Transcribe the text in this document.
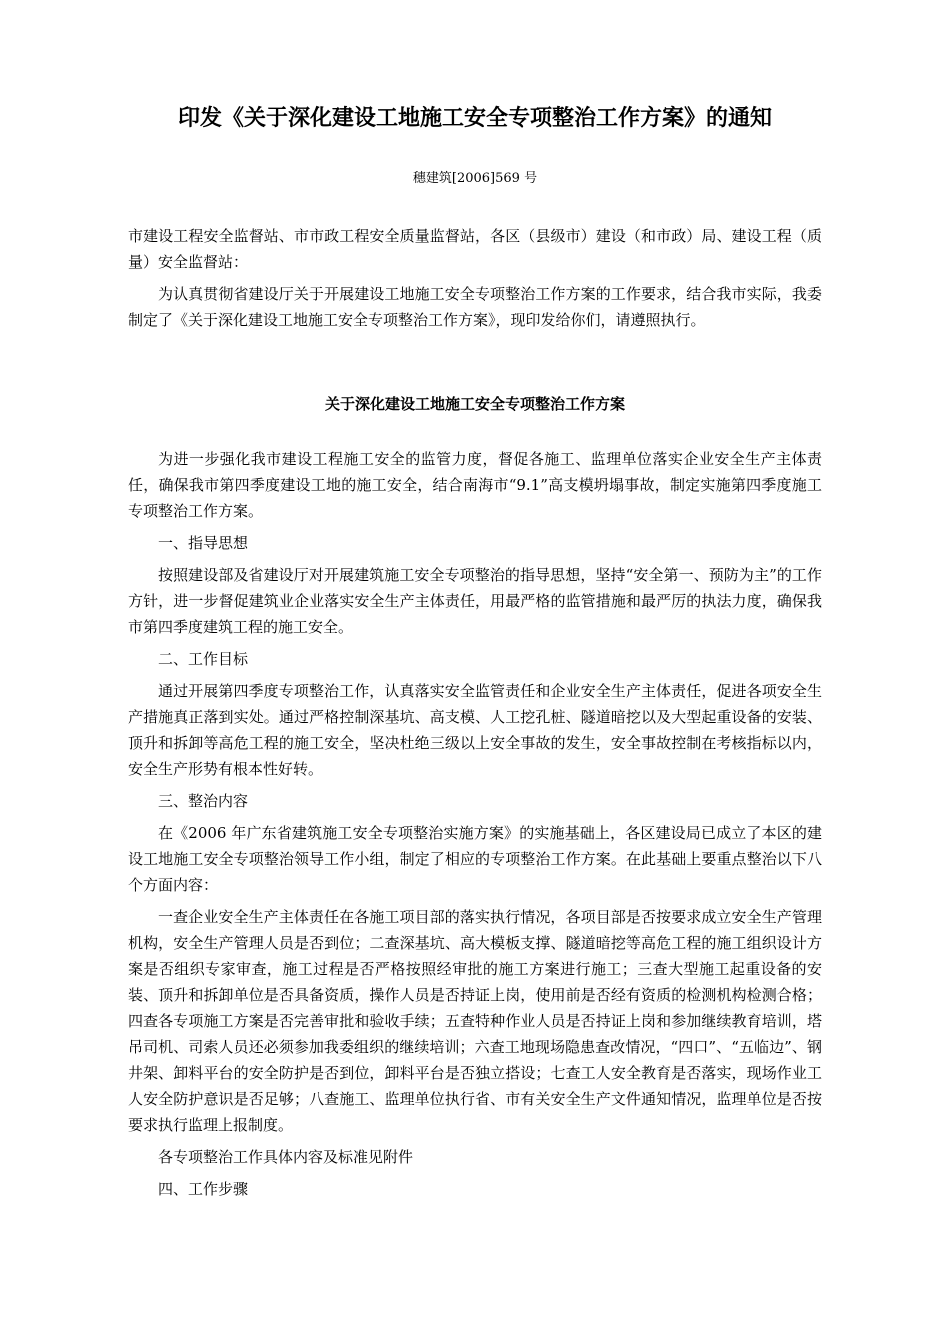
印发《关于深化建设工地施工安全专项整治工作方案》的通知
穗建筑[2006]569 号
市建设工程安全监督站、市市政工程安全质量监督站，各区（县级市）建设（和市政）局、建设工程（质量）安全监督站：
为认真贯彻省建设厅关于开展建设工地施工安全专项整治工作方案的工作要求，结合我市实际，我委制定了《关于深化建设工地施工安全专项整治工作方案》，现印发给你们，请遵照执行。
关于深化建设工地施工安全专项整治工作方案

为进一步强化我市建设工程施工安全的监管力度，督促各施工、监理单位落实企业安全生产主体责任，确保我市第四季度建设工地的施工安全，结合南海市“9.1”高支模坍塌事故，制定实施第四季度施工专项整治工作方案。

一、指导思想

按照建设部及省建设厅对开展建筑施工安全专项整治的指导思想，坚持“安全第一、预防为主”的工作方针，进一步督促建筑业企业落实安全生产主体责任，用最严格的监管措施和最严厉的执法力度，确保我市第四季度建筑工程的施工安全。

二、工作目标

通过开展第四季度专项整治工作，认真落实安全监管责任和企业安全生产主体责任，促进各项安全生产措施真正落到实处。通过严格控制深基坑、高支模、人工挖孔桩、隧道暗挖以及大型起重设备的安装、顶升和拆卸等高危工程的施工安全，坚决杜绝三级以上安全事故的发生，安全事故控制在考核指标以内，安全生产形势有根本性好转。

三、整治内容

在《2006 年广东省建筑施工安全专项整治实施方案》的实施基础上，各区建设局已成立了本区的建设工地施工安全专项整治领导工作小组，制定了相应的专项整治工作方案。在此基础上要重点整治以下八个方面内容：

一查企业安全生产主体责任在各施工项目部的落实执行情况，各项目部是否按要求成立安全生产管理机构，安全生产管理人员是否到位；二查深基坑、高大模板支撑、隧道暗挖等高危工程的施工组织设计方案是否组织专家审查，施工过程是否严格按照经审批的施工方案进行施工；三查大型施工起重设备的安装、顶升和拆卸单位是否具备资质，操作人员是否持证上岗，使用前是否经有资质的检测机构检测合格；四查各专项施工方案是否完善审批和验收手续；五查特种作业人员是否持证上岗和参加继续教育培训，塔吊司机、司索人员还必须参加我委组织的继续培训；六查工地现场隐患查改情况，“四口”、“五临边”、钢井架、卸料平台的安全防护是否到位，卸料平台是否独立搭设；七查工人安全教育是否落实，现场作业工人安全防护意识是否足够；八查施工、监理单位执行省、市有关安全生产文件通知情况，监理单位是否按要求执行监理上报制度。

各专项整治工作具体内容及标准见附件

四、工作步骤
